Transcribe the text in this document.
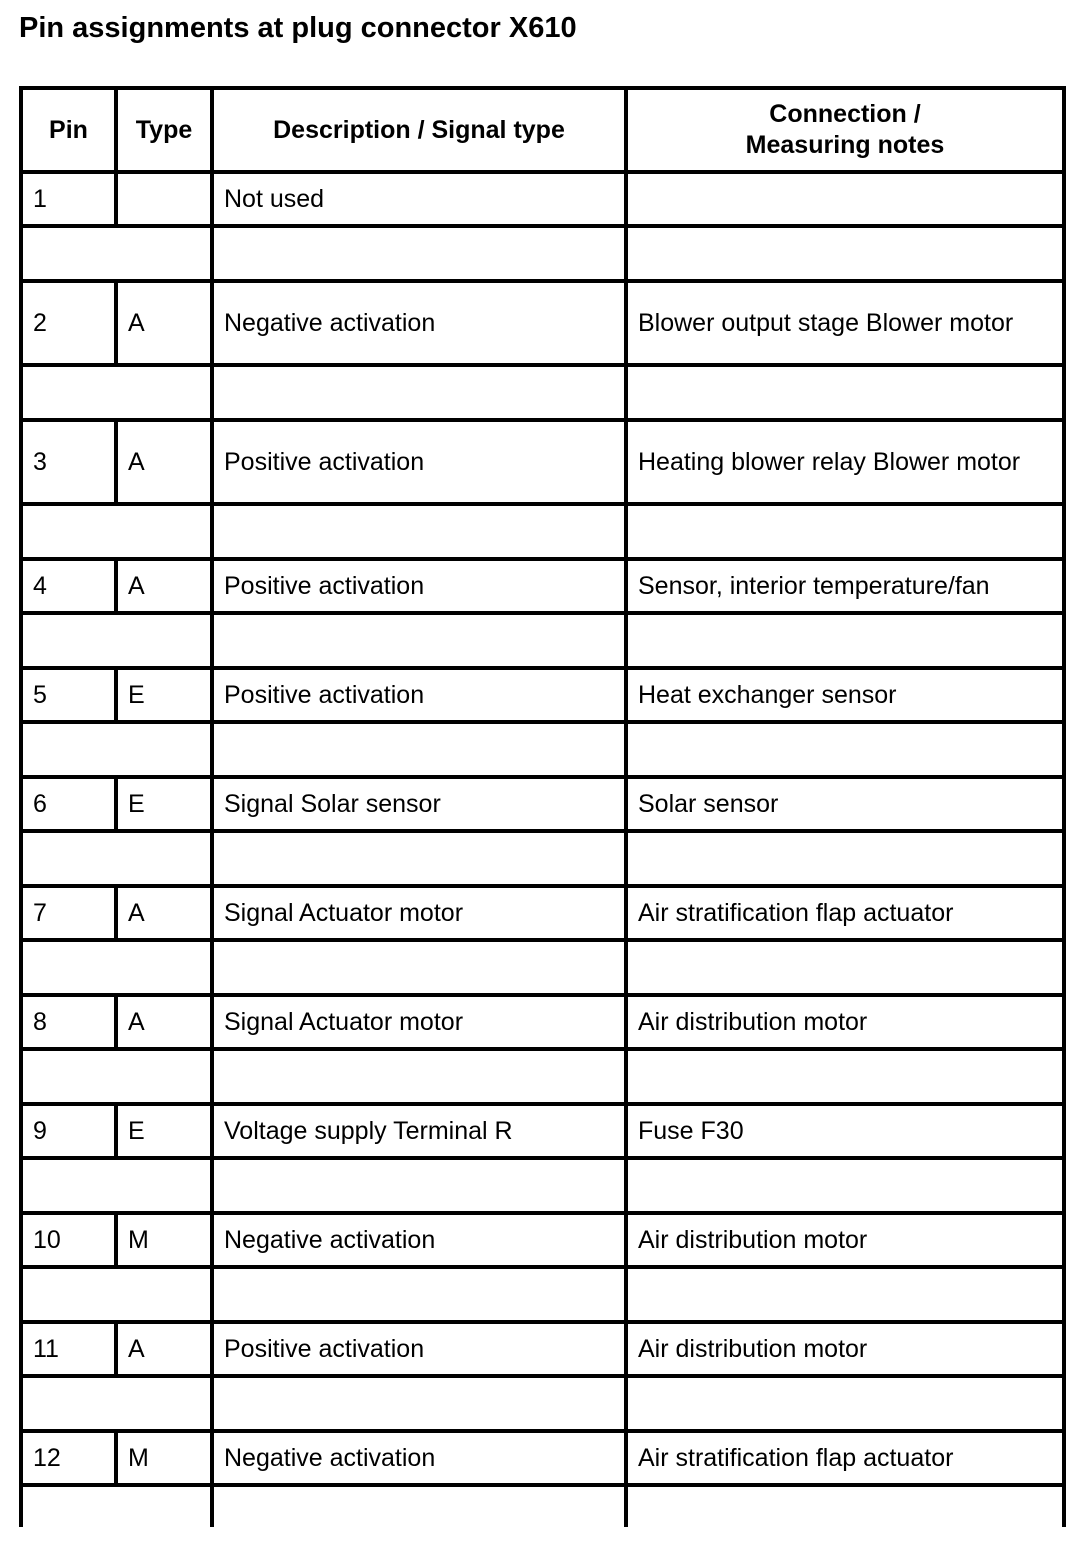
Pin assignments at plug connector X610
Pin	Type	Description / Signal type	Connection /
Measuring notes
1		Not used	

2	A	Negative activation	Blower output stage Blower motor

3	A	Positive activation	Heating blower relay Blower motor

4	A	Positive activation	Sensor, interior temperature/fan

5	E	Positive activation	Heat exchanger sensor

6	E	Signal Solar sensor	Solar sensor

7	A	Signal Actuator motor	Air stratification flap actuator

8	A	Signal Actuator motor	Air distribution motor

9	E	Voltage supply Terminal R	Fuse F30

10	M	Negative activation	Air distribution motor

11	A	Positive activation	Air distribution motor

12	M	Negative activation	Air stratification flap actuator
